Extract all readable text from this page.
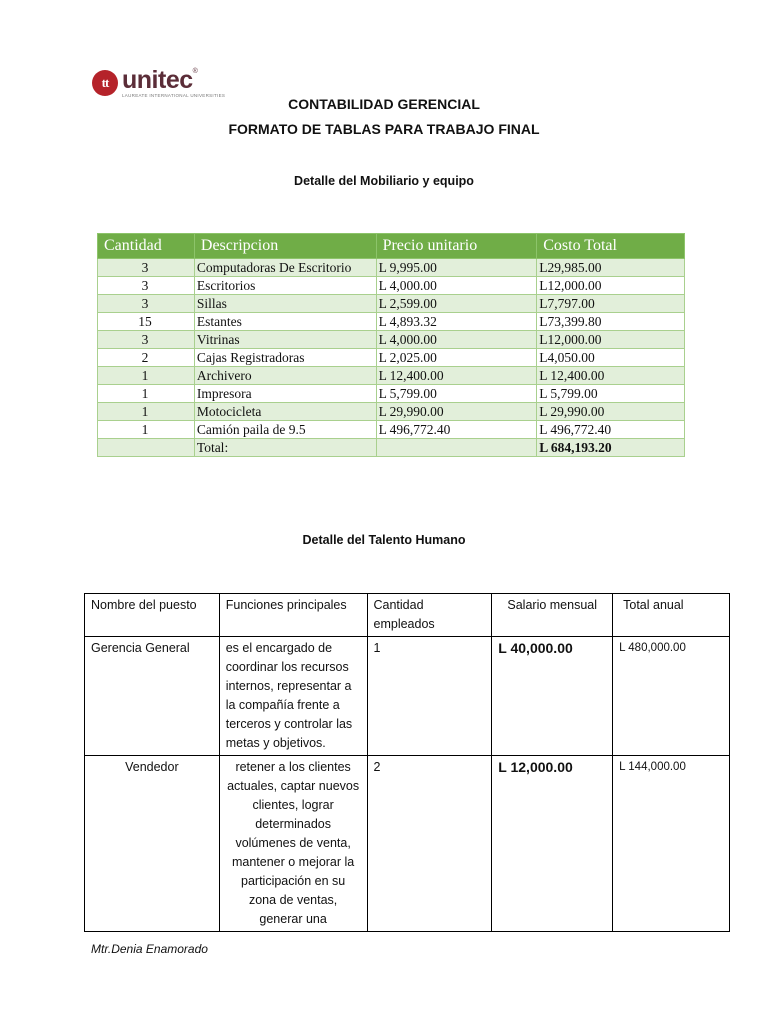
tt unitec®
LAUREATE INTERNATIONAL UNIVERSITIES
CONTABILIDAD GERENCIAL
FORMATO DE TABLAS PARA TRABAJO FINAL
Detalle del Mobiliario y equipo
Cantidad	Descripcion	Precio unitario	Costo Total
3	Computadoras De Escritorio	L 9,995.00	L29,985.00
3	Escritorios	L 4,000.00	L12,000.00
3	Sillas	L 2,599.00	L7,797.00
15	Estantes	L 4,893.32	L73,399.80
3	Vitrinas	L 4,000.00	L12,000.00
2	Cajas Registradoras	L 2,025.00	L4,050.00
1	Archivero	L 12,400.00	L 12,400.00
1	Impresora	L 5,799.00	L 5,799.00
1	Motocicleta	L 29,990.00	L 29,990.00
1	Camión paila de 9.5	L 496,772.40	L 496,772.40
	Total:		L 684,193.20
Detalle del Talento Humano
Nombre del puesto	Funciones principales	Cantidad empleados	Salario mensual	Total anual
Gerencia General	es el encargado de coordinar los recursos internos, representar a la compañía frente a terceros y controlar las metas y objetivos.	1	L 40,000.00	L 480,000.00
Vendedor	retener a los clientes actuales, captar nuevos clientes, lograr determinados volúmenes de venta, mantener o mejorar la participación en su zona de ventas, generar una	2	L 12,000.00	L 144,000.00
Mtr.Denia Enamorado
